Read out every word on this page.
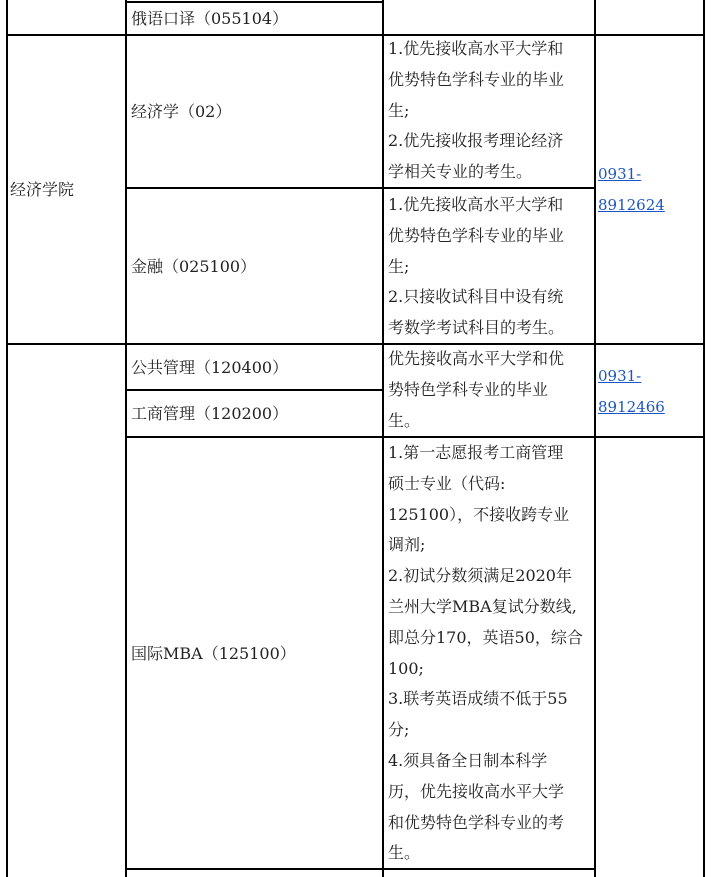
俄语口译（055104）
经济学院
经济学（02）
1.优先接收高水平大学和
优势特色学科专业的毕业
生;
2.优先接收报考理论经济
学相关专业的考生。
金融（025100）
1.优先接收高水平大学和
优势特色学科专业的毕业
生;
2.只接收试科目中设有统
考数学考试科目的考生。
0931-
8912624
公共管理（120400）
工商管理（120200）
优先接收高水平大学和优
势特色学科专业的毕业
生。
0931-
8912466
国际MBA（125100）
1.第一志愿报考工商管理
硕士专业（代码:
125100），不接收跨专业
调剂;
2.初试分数须满足2020年
兰州大学MBA复试分数线,
即总分170，英语50，综合
100;
3.联考英语成绩不低于55
分;
4.须具备全日制本科学
历，优先接收高水平大学
和优势特色学科专业的考
生。
